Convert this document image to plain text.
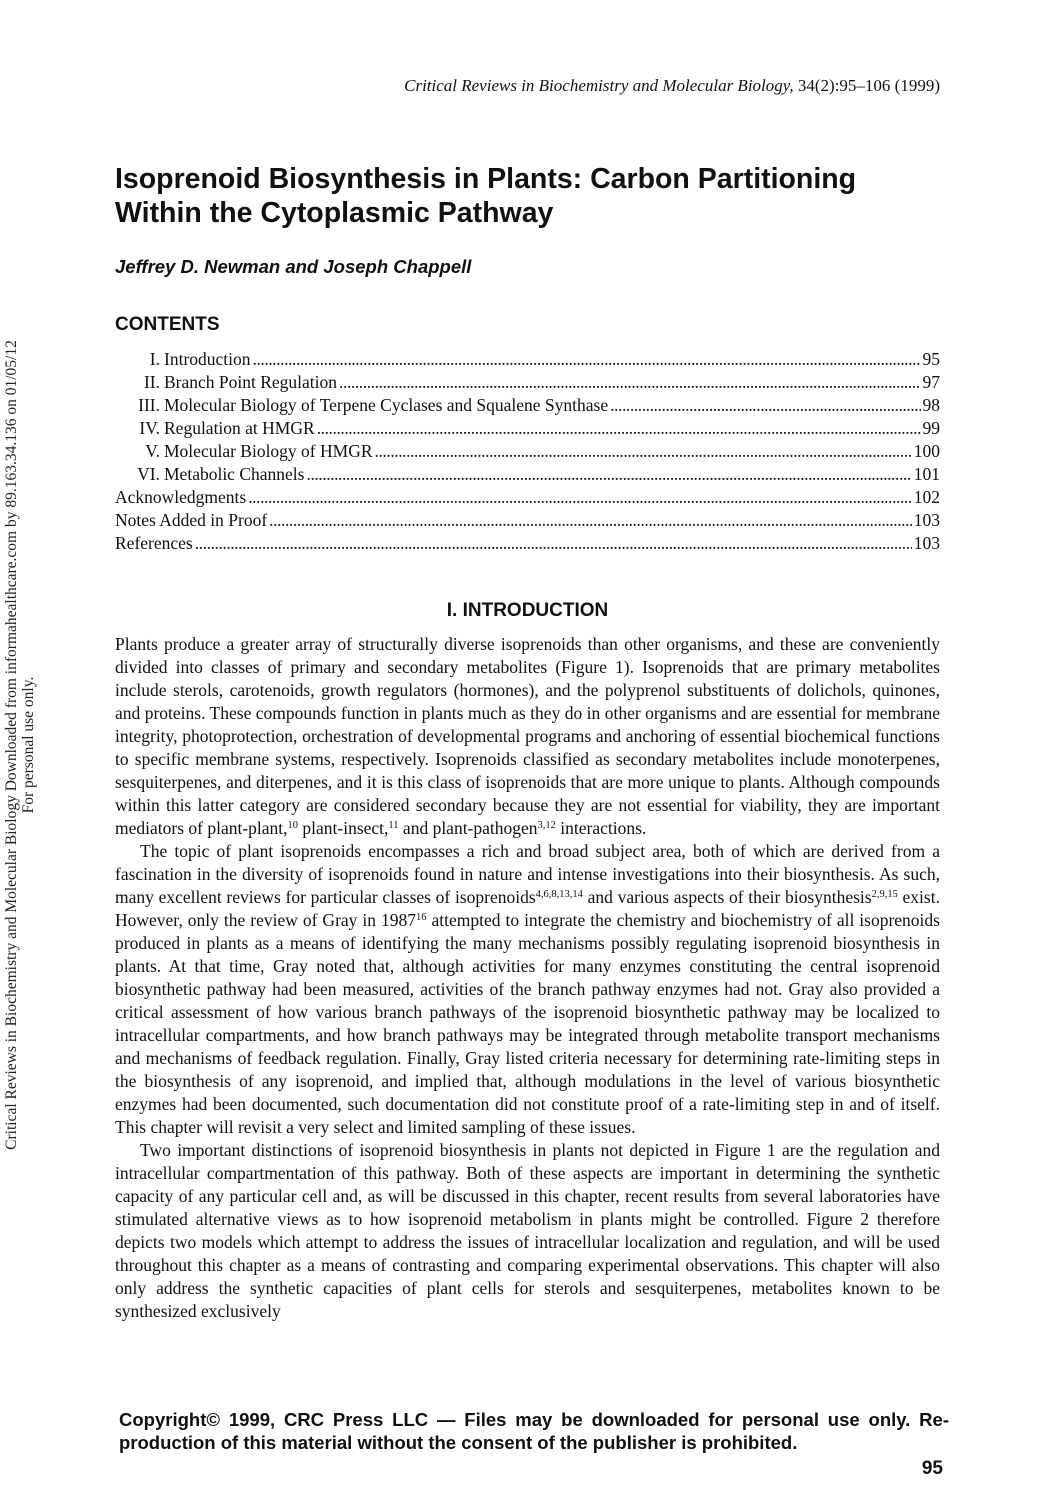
Critical Reviews in Biochemistry and Molecular Biology Downloaded from informahealthcare.com by 89.163.34.136 on 01/05/12 For personal use only.
Critical Reviews in Biochemistry and Molecular Biology, 34(2):95–106 (1999)
Isoprenoid Biosynthesis in Plants: Carbon Partitioning Within the Cytoplasmic Pathway
Jeffrey D. Newman and Joseph Chappell
CONTENTS
I. Introduction . . .	95
II. Branch Point Regulation . . .	97
III. Molecular Biology of Terpene Cyclases and Squalene Synthase . . .	98
IV. Regulation at HMGR . . .	99
V. Molecular Biology of HMGR . . .	100
VI. Metabolic Channels . . .	101
Acknowledgments . . .	102
Notes Added in Proof . . .	103
References . . .	103
I. INTRODUCTION

Plants produce a greater array of structurally diverse isoprenoids than other organisms, and these are conveniently divided into classes of primary and secondary metabolites (Figure 1). Isoprenoids that are primary metabolites include sterols, carotenoids, growth regulators (hormones), and the polyprenol substituents of dolichols, quinones, and proteins. These compounds function in plants much as they do in other organisms and are essential for membrane integrity, photoprotection, orchestration of developmental programs and anchoring of essential biochemical functions to specific membrane systems, respectively. Isoprenoids classified as secondary metabolites include monoterpenes, sesquiterpenes, and diterpenes, and it is this class of isoprenoids that are more unique to plants. Although compounds within this latter category are considered secondary because they are not essential for viability, they are important mediators of plant-plant,$^{10}$ plant-insect,$^{11}$ and plant-pathogen$^{3,12}$ interactions.

The topic of plant isoprenoids encompasses a rich and broad subject area, both of which are derived from a fascination in the diversity of isoprenoids found in nature and intense investigations into their biosynthesis. As such, many excellent reviews for particular classes of isoprenoids$^{4,6,8,13,14}$ and various aspects of their biosynthesis$^{2,9,15}$ exist. However, only the review of Gray in 1987$^{16}$ attempted to integrate the chemistry and biochemistry of all isoprenoids produced in plants as a means of identifying the many mechanisms possibly regulating isoprenoid biosynthesis in plants. At that time, Gray noted that, although activities for many enzymes constituting the central isoprenoid biosynthetic pathway had been measured, activities of the branch pathway enzymes had not. Gray also provided a critical assessment of how various branch pathways of the isoprenoid biosynthetic pathway may be localized to intracellular compartments, and how branch pathways may be integrated through metabolite transport mechanisms and mechanisms of feedback regulation. Finally, Gray listed criteria necessary for determining rate-limiting steps in the biosynthesis of any isoprenoid, and implied that, although modulations in the level of various biosynthetic enzymes had been documented, such documentation did not constitute proof of a rate-limiting step in and of itself. This chapter will revisit a very select and limited sampling of these issues.

Two important distinctions of isoprenoid biosynthesis in plants not depicted in Figure 1 are the regulation and intracellular compartmentation of this pathway. Both of these aspects are important in determining the synthetic capacity of any particular cell and, as will be discussed in this chapter, recent results from several laboratories have stimulated alternative views as to how isoprenoid metabolism in plants might be controlled. Figure 2 therefore depicts two models which attempt to address the issues of intracellular localization and regulation, and will be used throughout this chapter as a means of contrasting and comparing experimental observations. This chapter will also only address the synthetic capacities of plant cells for sterols and sesquiterpenes, metabolites known to be synthesized exclusively

Copyright© 1999, CRC Press LLC — Files may be downloaded for personal use only. Reproduction of this material without the consent of the publisher is prohibited.
95
